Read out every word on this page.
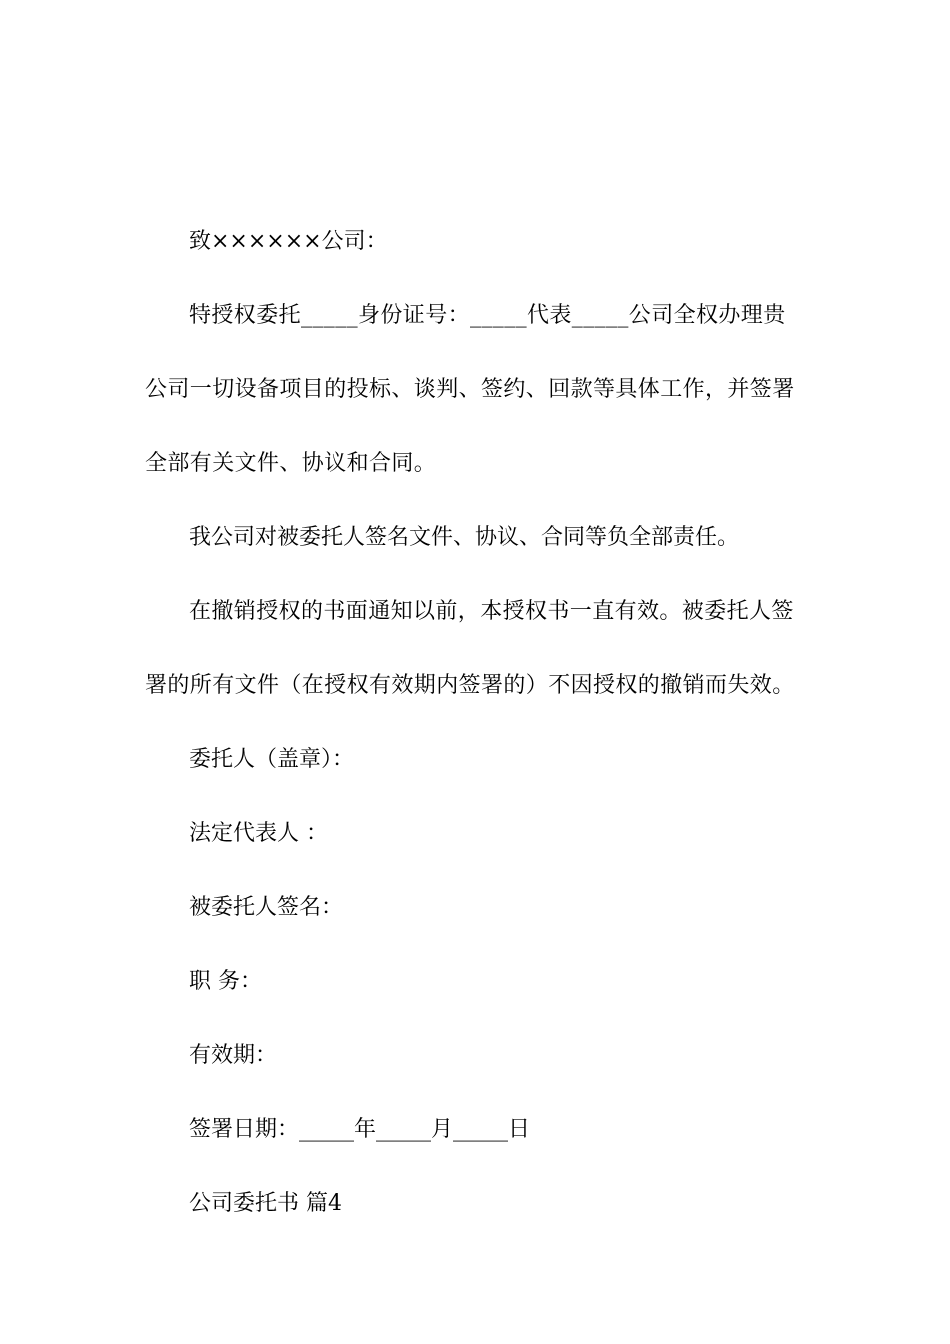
致××××××公司：

特授权委托_____身份证号：_____代表_____公司全权办理贵公司一切设备项目的投标、谈判、签约、回款等具体工作，并签署全部有关文件、协议和合同。

我公司对被委托人签名文件、协议、合同等负全部责任。

在撤销授权的书面通知以前，本授权书一直有效。被委托人签署的所有文件（在授权有效期内签署的）不因授权的撤销而失效。

委托人（盖章）：

法定代表人 ：

被委托人签名：

职 务：

有效期：

签署日期：_____年_____月_____日

公司委托书 篇4
